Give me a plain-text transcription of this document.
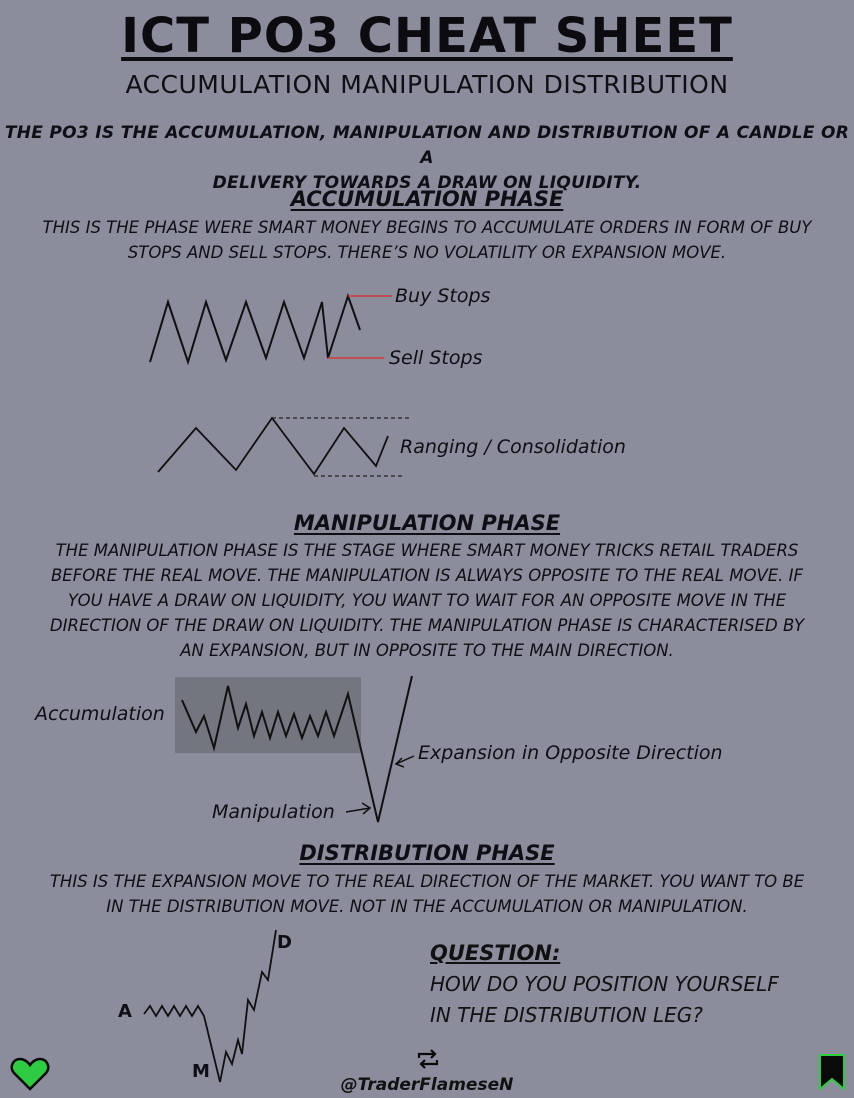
ICT PO3 CHEAT SHEET
ACCUMULATION MANIPULATION DISTRIBUTION
THE PO3 IS THE ACCUMULATION, MANIPULATION AND DISTRIBUTION OF A CANDLE OR A
DELIVERY TOWARDS A DRAW ON LIQUIDITY.
ACCUMULATION PHASE
THIS IS THE PHASE WERE SMART MONEY BEGINS TO ACCUMULATE ORDERS IN FORM OF BUY
STOPS AND SELL STOPS. THERE’S NO VOLATILITY OR EXPANSION MOVE.
Buy Stops
Sell Stops
Ranging / Consolidation
MANIPULATION PHASE
THE MANIPULATION PHASE IS THE STAGE WHERE SMART MONEY TRICKS RETAIL TRADERS
BEFORE THE REAL MOVE. THE MANIPULATION IS ALWAYS OPPOSITE TO THE REAL MOVE. IF
YOU HAVE A DRAW ON LIQUIDITY, YOU WANT TO WAIT FOR AN OPPOSITE MOVE IN THE
DIRECTION OF THE DRAW ON LIQUIDITY. THE MANIPULATION PHASE IS CHARACTERISED BY
AN EXPANSION, BUT IN OPPOSITE TO THE MAIN DIRECTION.
Accumulation
Expansion in Opposite Direction
Manipulation
DISTRIBUTION PHASE
THIS IS THE EXPANSION MOVE TO THE REAL DIRECTION OF THE MARKET. YOU WANT TO BE
IN THE DISTRIBUTION MOVE. NOT IN THE ACCUMULATION OR MANIPULATION.
A
M
D	QUESTION:
HOW DO YOU POSITION YOURSELF
IN THE DISTRIBUTION LEG?
@TraderFlameseN
